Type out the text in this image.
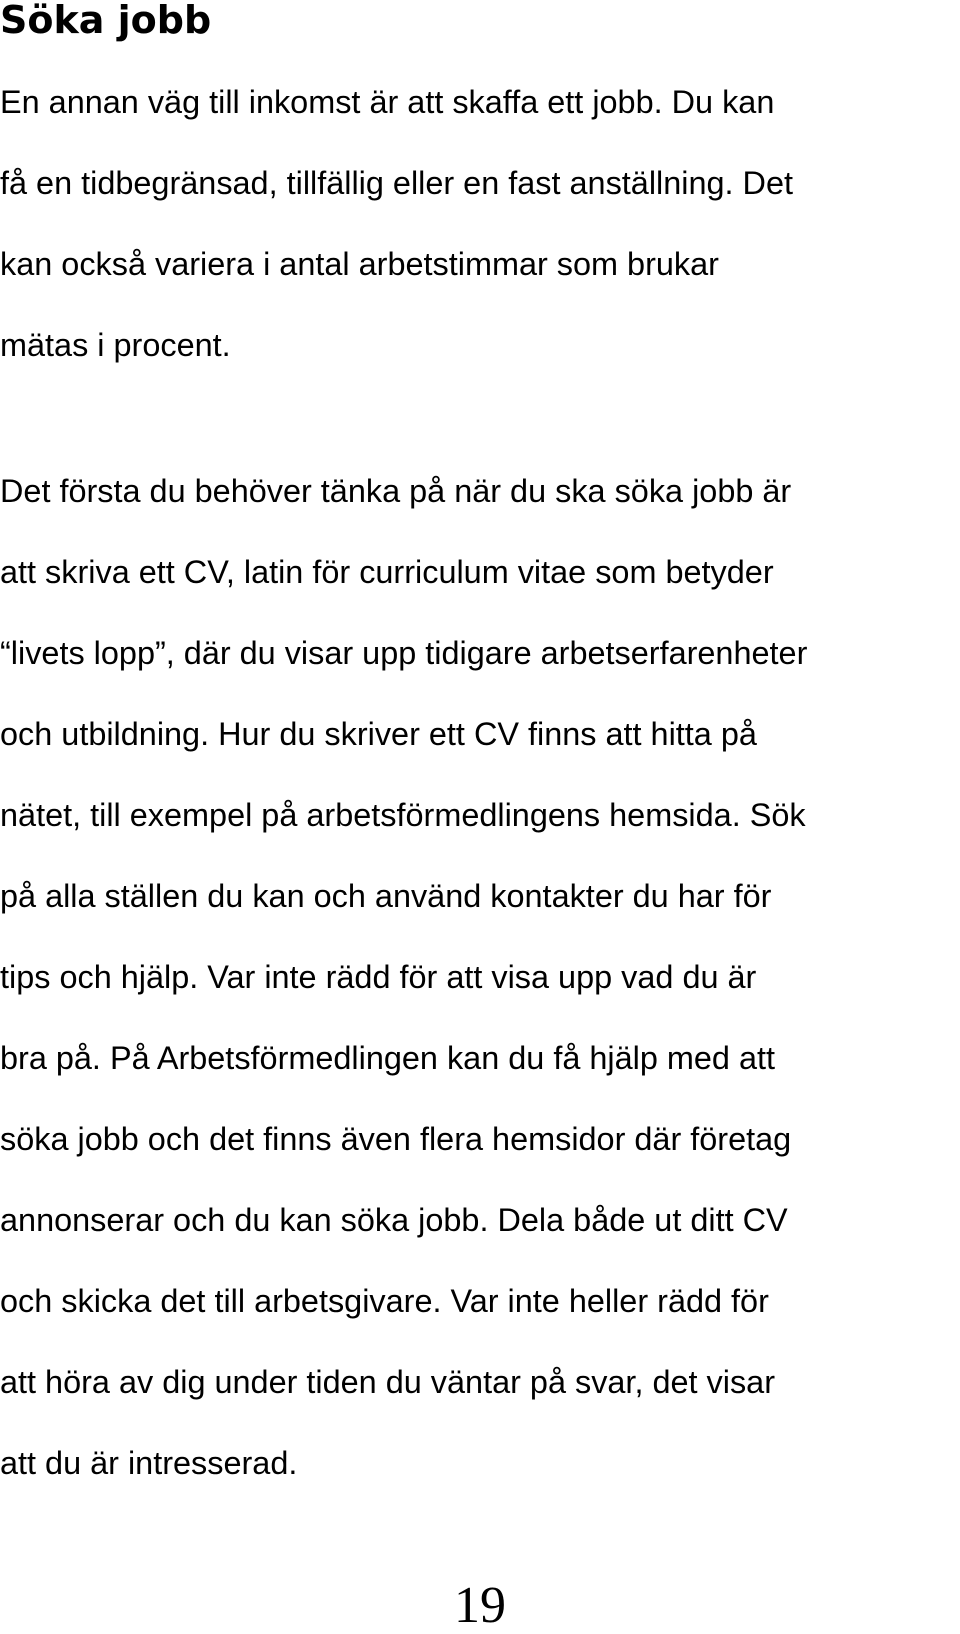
Söka jobb
En annan väg till inkomst är att skaffa ett jobb. Du kan
få en tidbegränsad, tillfällig eller en fast anställning. Det
kan också variera i antal arbetstimmar som brukar
mätas i procent.
Det första du behöver tänka på när du ska söka jobb är
att skriva ett CV, latin för curriculum vitae som betyder
“livets lopp”, där du visar upp tidigare arbetserfarenheter
och utbildning. Hur du skriver ett CV finns att hitta på
nätet, till exempel på arbetsförmedlingens hemsida. Sök
på alla ställen du kan och använd kontakter du har för
tips och hjälp. Var inte rädd för att visa upp vad du är
bra på. På Arbetsförmedlingen kan du få hjälp med att
söka jobb och det finns även flera hemsidor där företag
annonserar och du kan söka jobb. Dela både ut ditt CV
och skicka det till arbetsgivare. Var inte heller rädd för
att höra av dig under tiden du väntar på svar, det visar
att du är intresserad.
19
